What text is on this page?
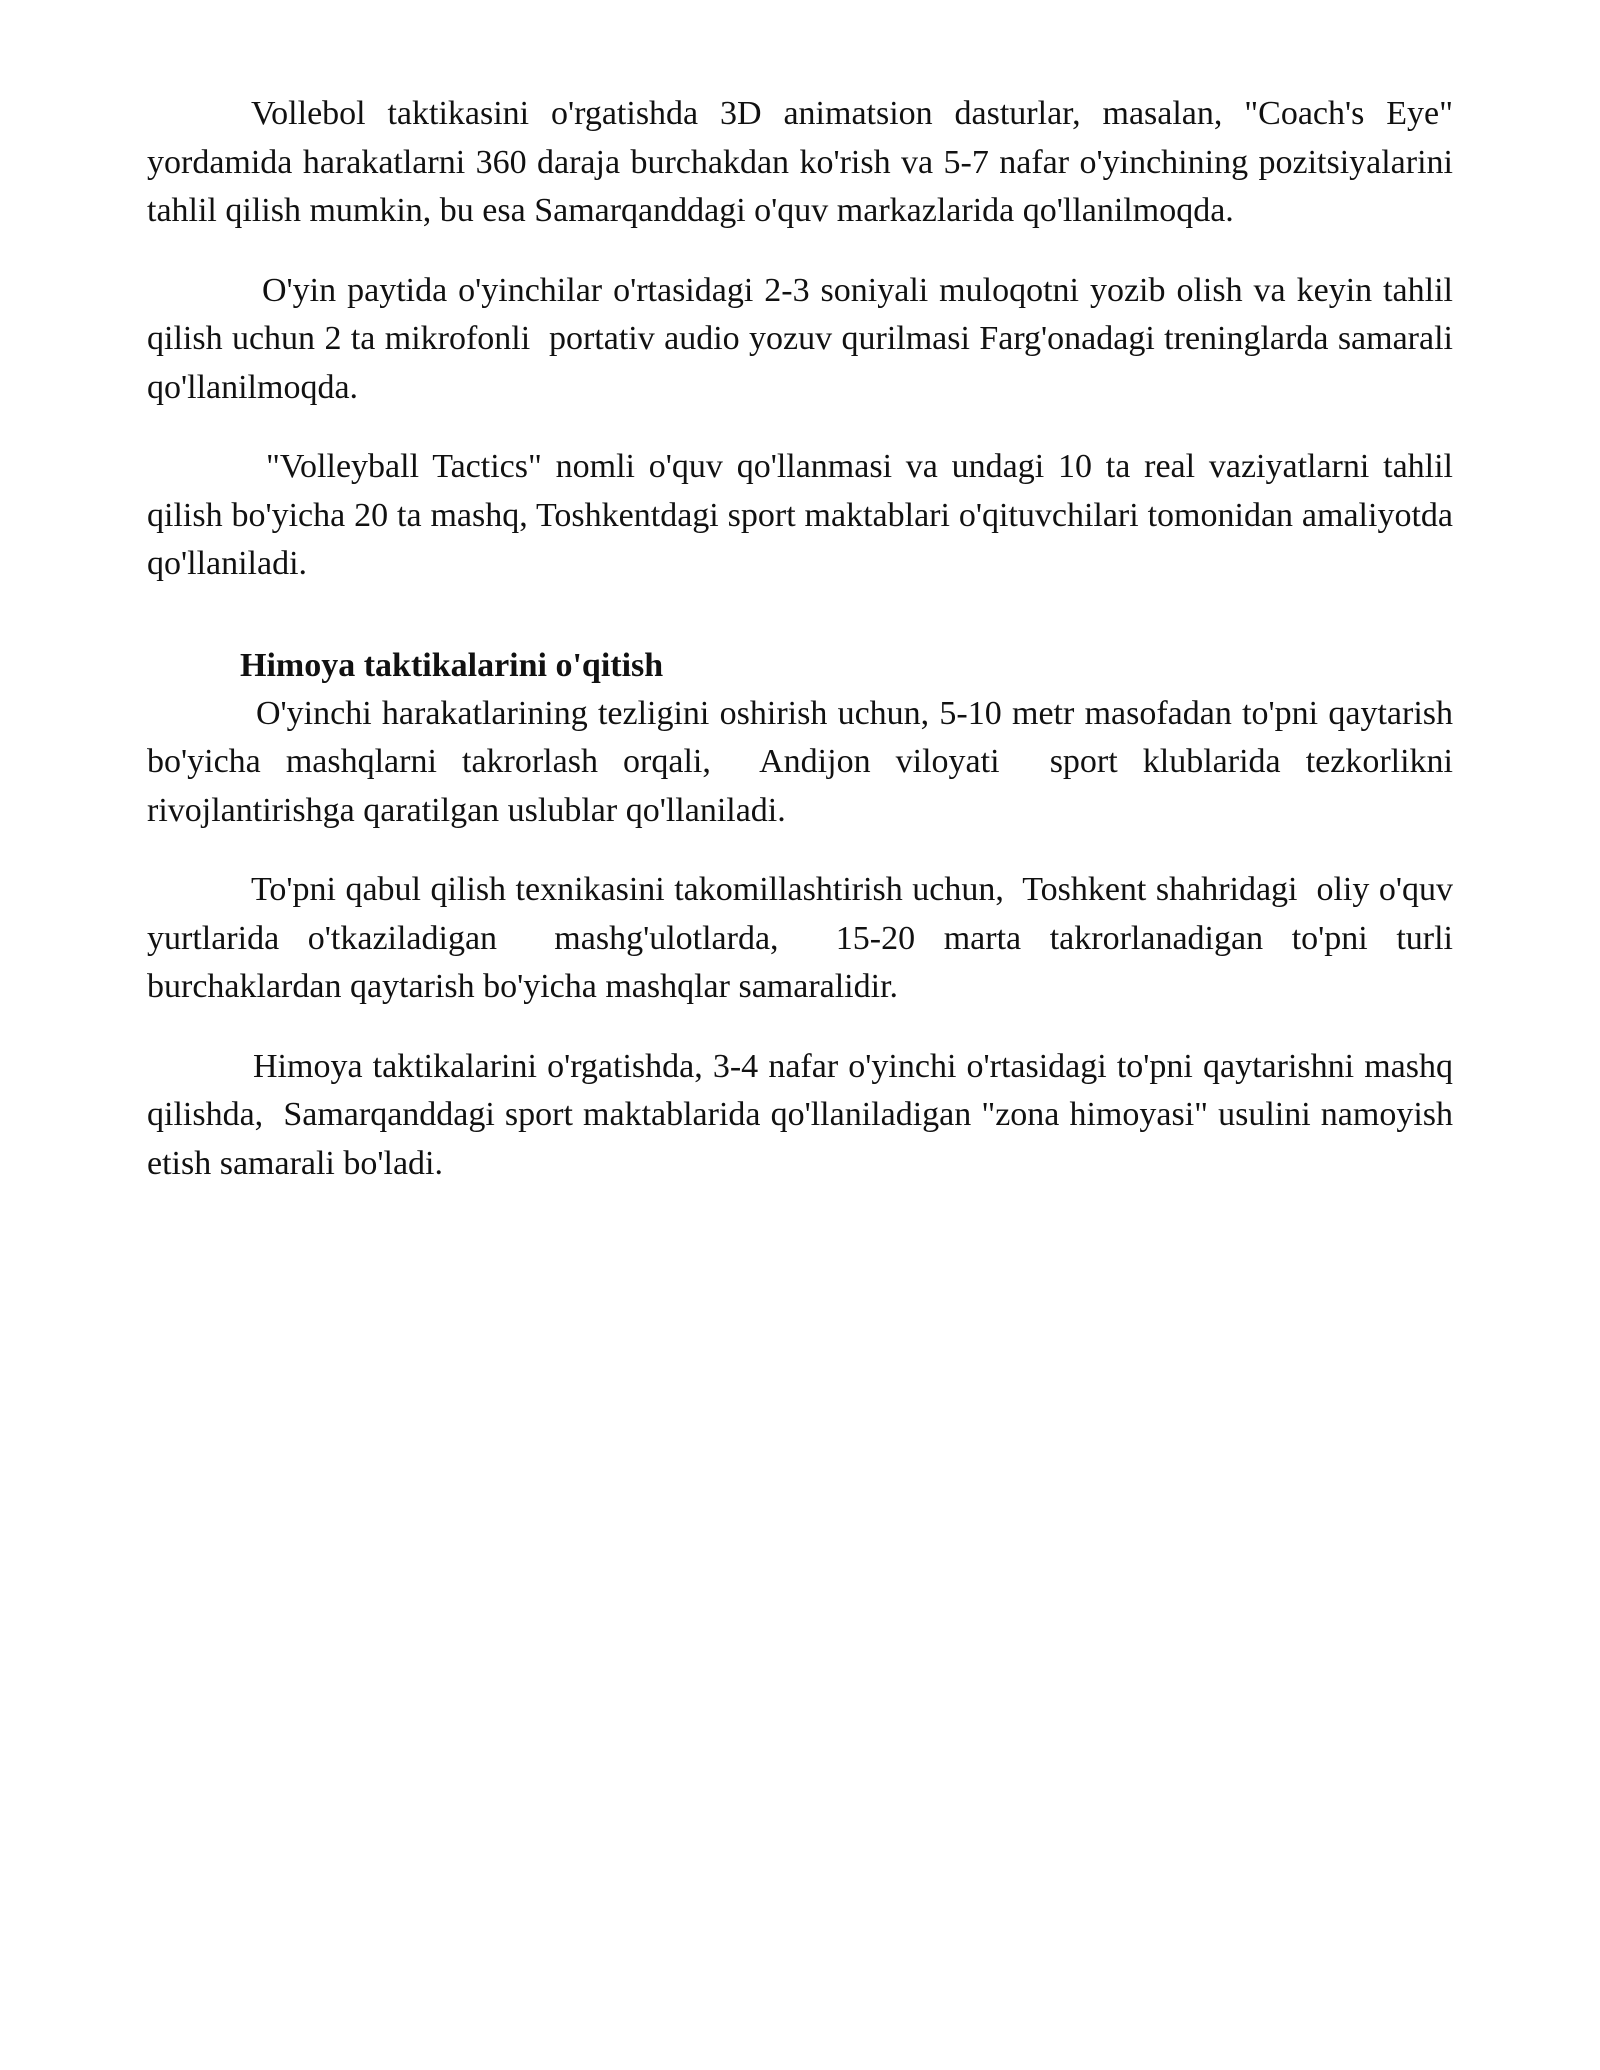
Vollebol taktikasini o'rgatishda 3D animatsion dasturlar, masalan, "Coach's Eye" yordamida harakatlarni 360 daraja burchakdan ko'rish va 5-7 nafar o'yinchining pozitsiyalarini tahlil qilish mumkin, bu esa Samarqanddagi o'quv markazlarida qo'llanilmoqda.

O'yin paytida o'yinchilar o'rtasidagi 2-3 soniyali muloqotni yozib olish va keyin tahlil qilish uchun 2 ta mikrofonli  portativ audio yozuv qurilmasi Farg'onadagi treninglarda samarali qo'llanilmoqda.

"Volleyball Tactics" nomli o'quv qo'llanmasi va undagi 10 ta real vaziyatlarni tahlil qilish bo'yicha 20 ta mashq, Toshkentdagi sport maktablari o'qituvchilari tomonidan amaliyotda qo'llaniladi.

Himoya taktikalarini o'qitish

O'yinchi harakatlarining tezligini oshirish uchun, 5-10 metr masofadan to'pni qaytarish bo'yicha mashqlarni takrorlash orqali,  Andijon viloyati  sport klublarida tezkorlikni rivojlantirishga qaratilgan uslublar qo'llaniladi.

To'pni qabul qilish texnikasini takomillashtirish uchun,  Toshkent shahridagi  oliy o'quv yurtlarida o'tkaziladigan  mashg'ulotlarda,  15-20 marta takrorlanadigan to'pni turli burchaklardan qaytarish bo'yicha mashqlar samaralidir.

Himoya taktikalarini o'rgatishda, 3-4 nafar o'yinchi o'rtasidagi to'pni qaytarishni mashq qilishda,  Samarqanddagi sport maktablarida qo'llaniladigan "zona himoyasi" usulini namoyish etish samarali bo'ladi.
